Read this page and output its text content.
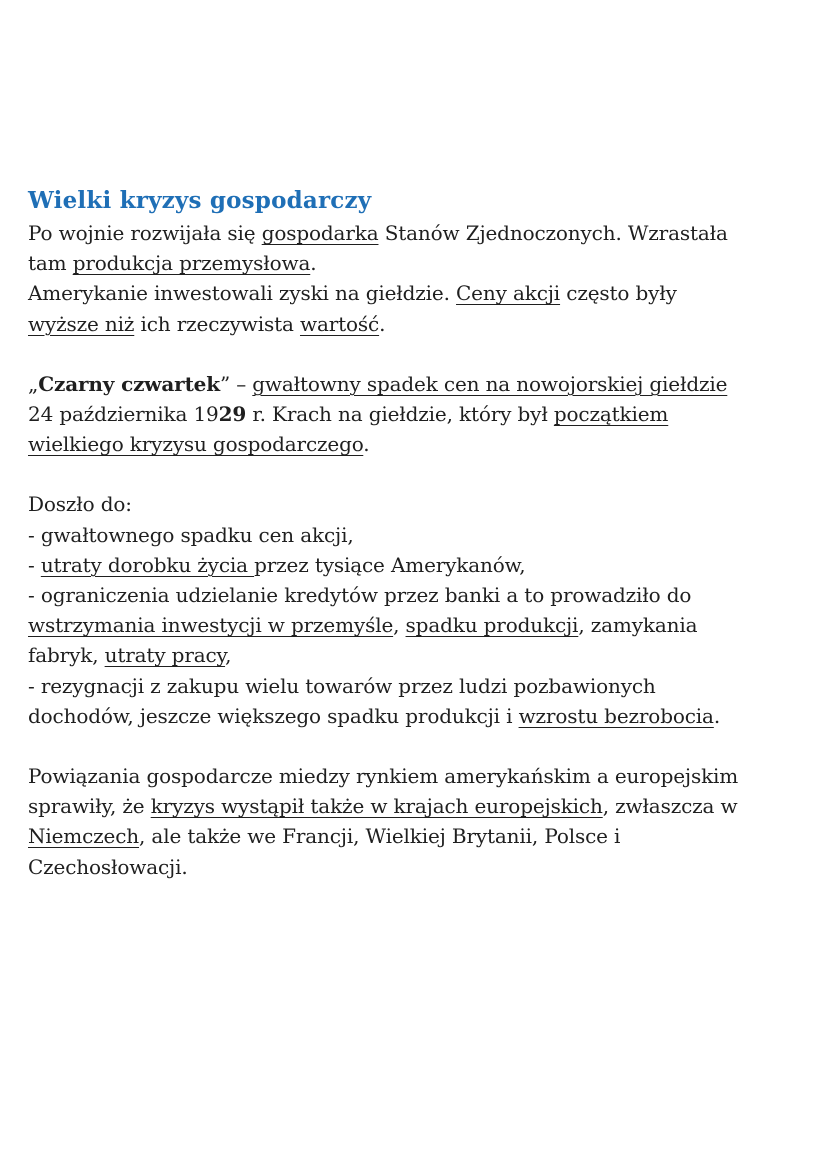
Wielki kryzys gospodarczy

Po wojnie rozwijała się gospodarka Stanów Zjednoczonych. Wzrastała

tam produkcja przemysłowa.

Amerykanie inwestowali zyski na giełdzie. Ceny akcji często były

wyższe niż ich rzeczywista wartość.

„Czarny czwartek” – gwałtowny spadek cen na nowojorskiej giełdzie

24 października 1929 r. Krach na giełdzie, który był początkiem

wielkiego kryzysu gospodarczego.

Doszło do:

- gwałtownego spadku cen akcji,

- utraty dorobku życia przez tysiące Amerykanów,

- ograniczenia udzielanie kredytów przez banki a to prowadziło do

wstrzymania inwestycji w przemyśle, spadku produkcji, zamykania

fabryk, utraty pracy,

- rezygnacji z zakupu wielu towarów przez ludzi pozbawionych

dochodów, jeszcze większego spadku produkcji i wzrostu bezrobocia.

Powiązania gospodarcze miedzy rynkiem amerykańskim a europejskim

sprawiły, że kryzys wystąpił także w krajach europejskich, zwłaszcza w

Niemczech, ale także we Francji, Wielkiej Brytanii, Polsce i

Czechosłowacji.
